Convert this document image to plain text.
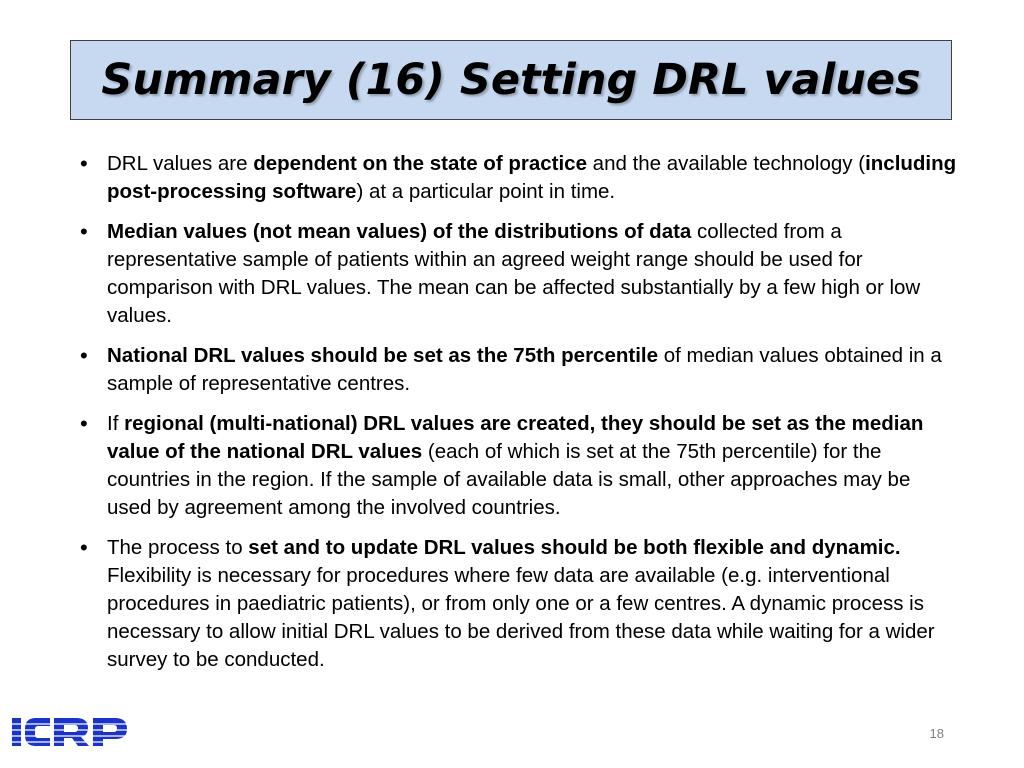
Summary (16) Setting DRL values
• DRL values are dependent on the state of practice and the available technology (including post-processing software) at a particular point in time.
• Median values (not mean values) of the distributions of data collected from a representative sample of patients within an agreed weight range should be used for comparison with DRL values. The mean can be affected substantially by a few high or low values.
• National DRL values should be set as the 75th percentile of median values obtained in a sample of representative centres.
• If regional (multi-national) DRL values are created, they should be set as the median value of the national DRL values (each of which is set at the 75th percentile) for the countries in the region. If the sample of available data is small, other approaches may be used by agreement among the involved countries.
• The process to set and to update DRL values should be both flexible and dynamic. Flexibility is necessary for procedures where few data are available (e.g. interventional procedures in paediatric patients), or from only one or a few centres. A dynamic process is necessary to allow initial DRL values to be derived from these data while waiting for a wider survey to be conducted.
18
